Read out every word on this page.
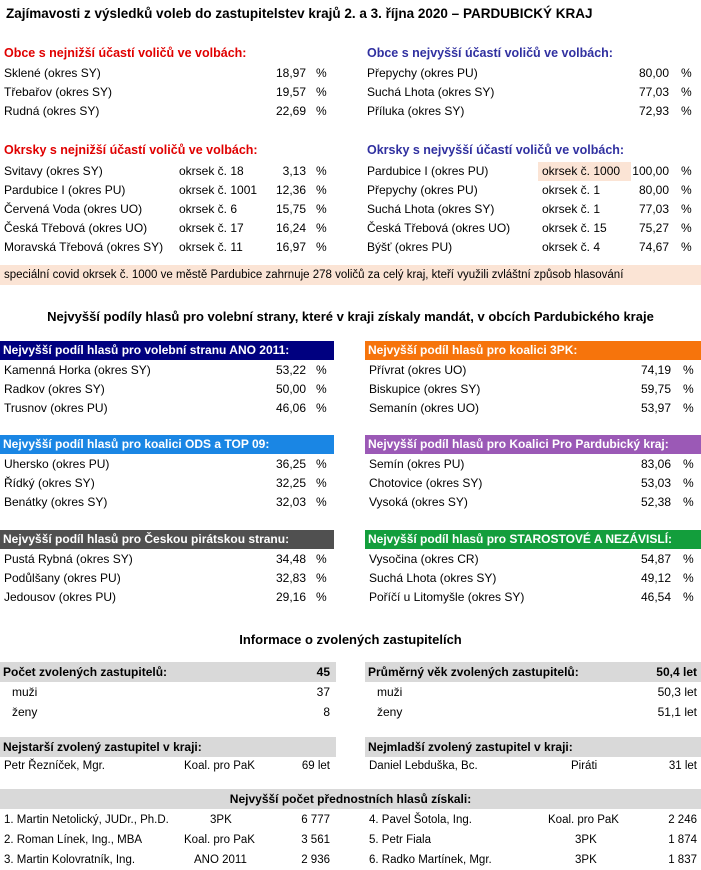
Zajímavosti z výsledků voleb do zastupitelstev krajů 2. a 3. října 2020 – PARDUBICKÝ KRAJ
Obce s nejnižší účastí voličů ve volbách:
Sklené (okres SY)	18,97 %
Třebařov (okres SY)	19,57 %
Rudná (okres SY)	22,69 %
Obce s nejvyšší účastí voličů ve volbách:
Přepychy (okres PU)	80,00 %
Suchá Lhota (okres SY)	77,03 %
Příluka (okres SY)	72,93 %
Okrsky s nejnižší účastí voličů ve volbách:
Svitavy (okres SY)	okrsek č. 18	3,13 %
Pardubice I (okres PU)	okrsek č. 1001	12,36 %
Červená Voda (okres UO)	okrsek č. 6	15,75 %
Česká Třebová (okres UO)	okrsek č. 17	16,24 %
Moravská Třebová (okres SY) okrsek č. 11	16,97 %
Okrsky s nejvyšší účastí voličů ve volbách:
Pardubice I (okres PU)	okrsek č. 1000	100,00 %
Přepychy (okres PU)	okrsek č. 1	80,00 %
Suchá Lhota (okres SY)	okrsek č. 1	77,03 %
Česká Třebová (okres UO)	okrsek č. 15	75,27 %
Býšť (okres PU)	okrsek č. 4	74,67 %
speciální covid okrsek č. 1000 ve městě Pardubice zahrnuje 278 voličů za celý kraj, kteří využili zvláštní způsob hlasování
Nejvyšší podíly hlasů pro volební strany, které v kraji získaly mandát, v obcích Pardubického kraje
Nejvyšší podíl hlasů pro volební stranu ANO 2011:
Kamenná Horka (okres SY)	53,22 %
Radkov (okres SY)	50,00 %
Trusnov (okres PU)	46,06 %
Nejvyšší podíl hlasů pro koalici 3PK:
Přívrat (okres UO)	74,19 %
Biskupice (okres SY)	59,75 %
Semanín (okres UO)	53,97 %
Nejvyšší podíl hlasů pro koalici ODS a TOP 09:
Uhersko (okres PU)	36,25 %
Řídký (okres SY)	32,25 %
Benátky (okres SY)	32,03 %
Nejvyšší podíl hlasů pro Koalici Pro Pardubický kraj:
Semín (okres PU)	83,06 %
Chotovice (okres SY)	53,03 %
Vysoká (okres SY)	52,38 %
Nejvyšší podíl hlasů pro Českou pirátskou stranu:
Pustá Rybná (okres SY)	34,48 %
Podůlšany (okres PU)	32,83 %
Jedousov (okres PU)	29,16 %
Nejvyšší podíl hlasů pro STAROSTOVÉ A NEZÁVISLÍ:
Vysočina (okres CR)	54,87 %
Suchá Lhota (okres SY)	49,12 %
Poříčí u Litomyšle (okres SY)	46,54 %
Informace o zvolených zastupitelích
Počet zvolených zastupitelů:	45
muži	37
ženy	8
Průměrný věk zvolených zastupitelů:	50,4 let
muži	50,3 let
ženy	51,1 let
Nejstarší zvolený zastupitel v kraji:
Petr Řezníček, Mgr.	Koal. pro PaK	69 let
Nejmladší zvolený zastupitel v kraji:
Daniel Lebduška, Bc.	Piráti	31 let
Nejvyšší počet přednostních hlasů získali:
1. Martin Netolický, JUDr., Ph.D.	3PK	6 777
2. Roman Línek, Ing., MBA	Koal. pro PaK	3 561
3. Martin Kolovratník, Ing.	ANO 2011	2 936
4. Pavel Šotola, Ing.	Koal. pro PaK	2 246
5. Petr Fiala	3PK	1 874
6. Radko Martínek, Mgr.	3PK	1 837
